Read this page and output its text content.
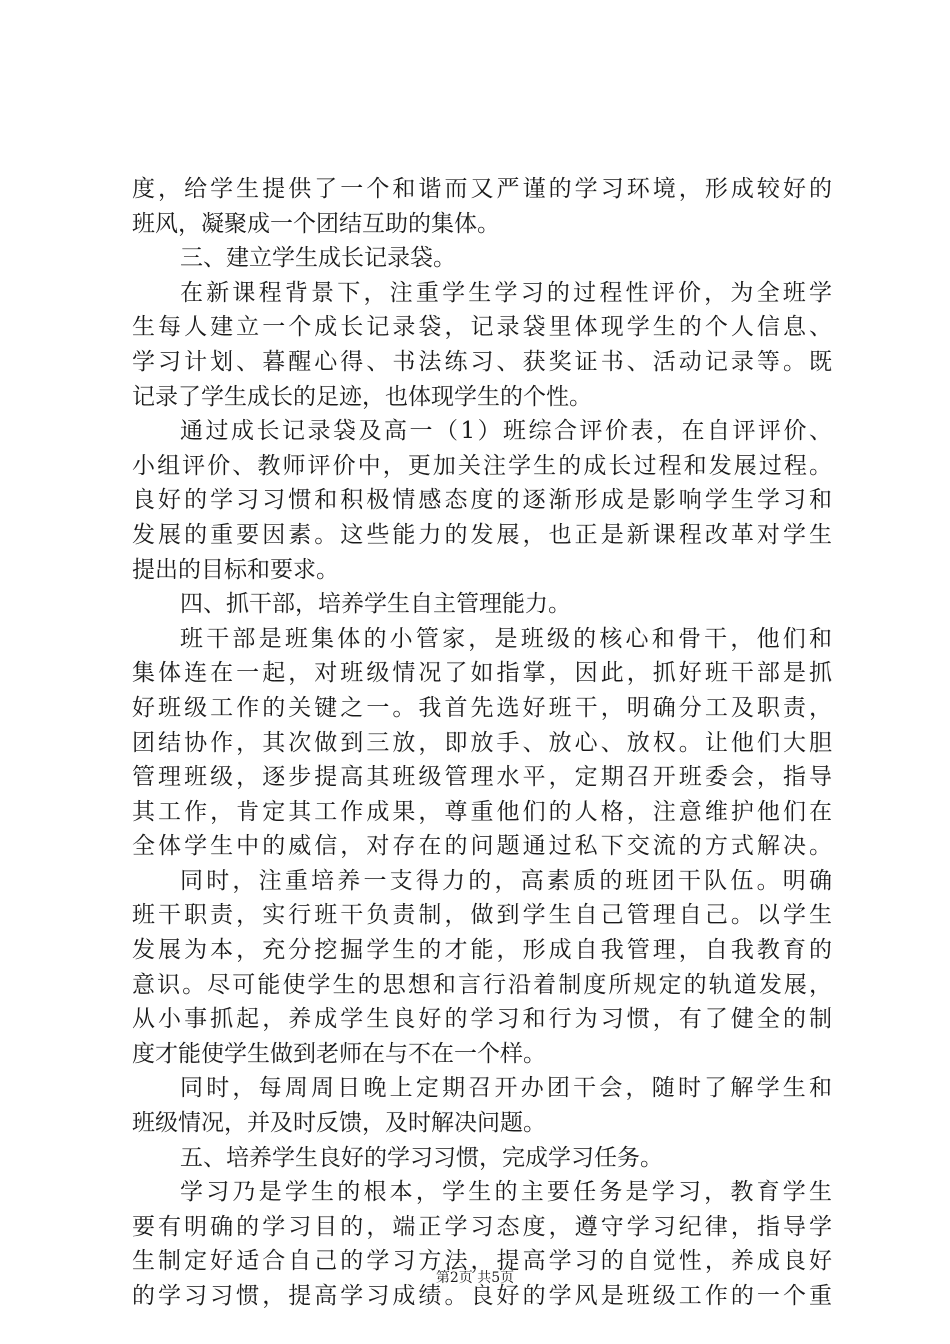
度，给学生提供了一个和谐而又严谨的学习环境，形成较好的
班风，凝聚成一个团结互助的集体。
三、建立学生成长记录袋。
在新课程背景下，注重学生学习的过程性评价，为全班学
生每人建立一个成长记录袋，记录袋里体现学生的个人信息、
学习计划、暮醒心得、书法练习、获奖证书、活动记录等。既
记录了学生成长的足迹，也体现学生的个性。
通过成长记录袋及高一（1）班综合评价表，在自评评价、
小组评价、教师评价中，更加关注学生的成长过程和发展过程。
良好的学习习惯和积极情感态度的逐渐形成是影响学生学习和
发展的重要因素。这些能力的发展，也正是新课程改革对学生
提出的目标和要求。
四、抓干部，培养学生自主管理能力。
班干部是班集体的小管家，是班级的核心和骨干，他们和
集体连在一起，对班级情况了如指掌，因此，抓好班干部是抓
好班级工作的关键之一。我首先选好班干，明确分工及职责，
团结协作，其次做到三放，即放手、放心、放权。让他们大胆
管理班级，逐步提高其班级管理水平，定期召开班委会，指导
其工作，肯定其工作成果，尊重他们的人格，注意维护他们在
全体学生中的威信，对存在的问题通过私下交流的方式解决。
同时，注重培养一支得力的，高素质的班团干队伍。明确
班干职责，实行班干负责制，做到学生自己管理自己。以学生
发展为本，充分挖掘学生的才能，形成自我管理，自我教育的
意识。尽可能使学生的思想和言行沿着制度所规定的轨道发展，
从小事抓起，养成学生良好的学习和行为习惯，有了健全的制
度才能使学生做到老师在与不在一个样。
同时，每周周日晚上定期召开办团干会，随时了解学生和
班级情况，并及时反馈，及时解决问题。
五、培养学生良好的学习习惯，完成学习任务。
学习乃是学生的根本，学生的主要任务是学习，教育学生
要有明确的学习目的，端正学习态度，遵守学习纪律，指导学
生制定好适合自己的学习方法，提高学习的自觉性，养成良好
的学习习惯，提高学习成绩。良好的学风是班级工作的一个重
第2页 共5页
